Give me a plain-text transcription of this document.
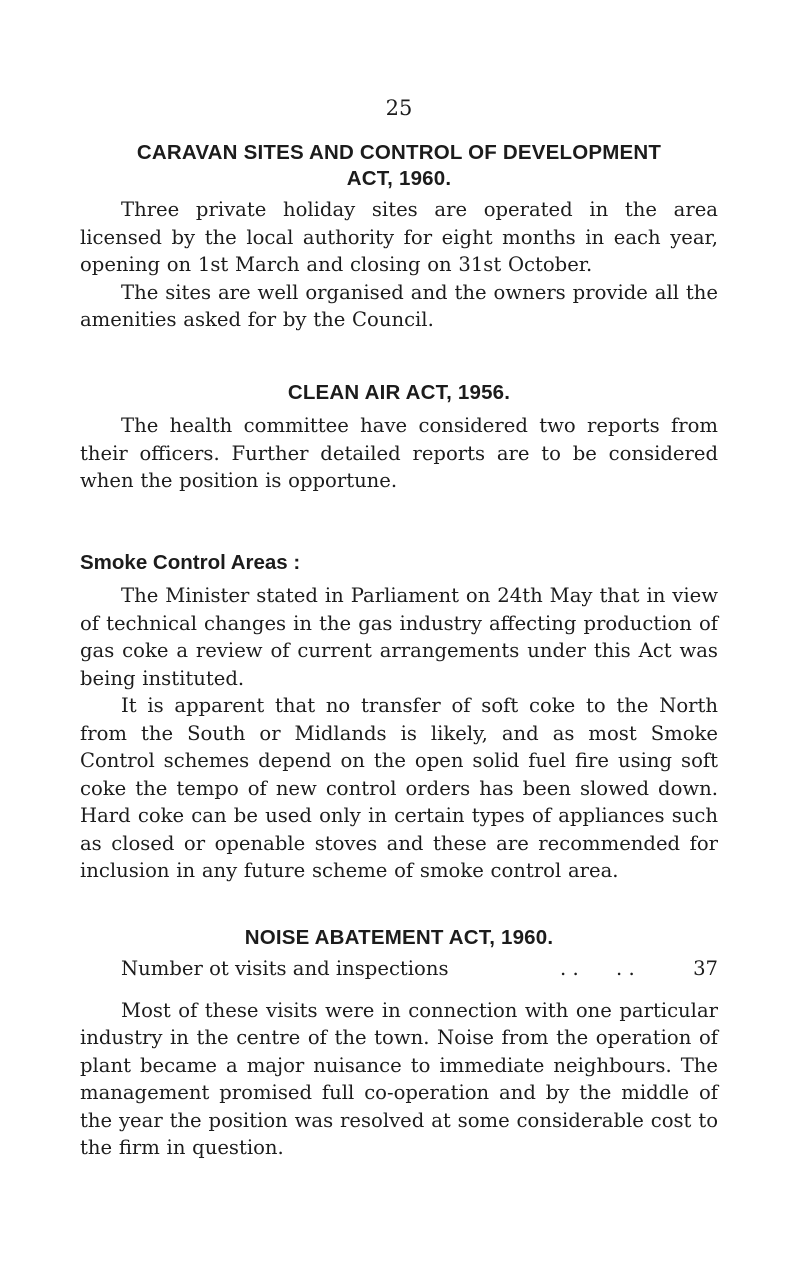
25
CARAVAN SITES AND CONTROL OF DEVELOPMENT
ACT, 1960.

Three private holiday sites are operated in the area licensed by the local authority for eight months in each year, opening on 1st March and closing on 31st October.

The sites are well organised and the owners provide all the amenities asked for by the Council.

CLEAN AIR ACT, 1956.

The health committee have considered two reports from their officers. Further detailed reports are to be considered when the position is opportune.

Smoke Control Areas :

The Minister stated in Parliament on 24th May that in view of technical changes in the gas industry affecting production of gas coke a review of current arrangements under this Act was being instituted.

It is apparent that no transfer of soft coke to the North from the South or Midlands is likely, and as most Smoke Control schemes depend on the open solid fuel fire using soft coke the tempo of new control orders has been slowed down. Hard coke can be used only in certain types of appliances such as closed or openable stoves and these are recommended for inclusion in any future scheme of smoke control area.

NOISE ABATEMENT ACT, 1960.
Number ot visits and inspections	. .      . .	37

Most of these visits were in connection with one particular industry in the centre of the town. Noise from the operation of plant became a major nuisance to immediate neighbours. The management promised full co-operation and by the middle of the year the position was resolved at some considerable cost to the firm in question.
